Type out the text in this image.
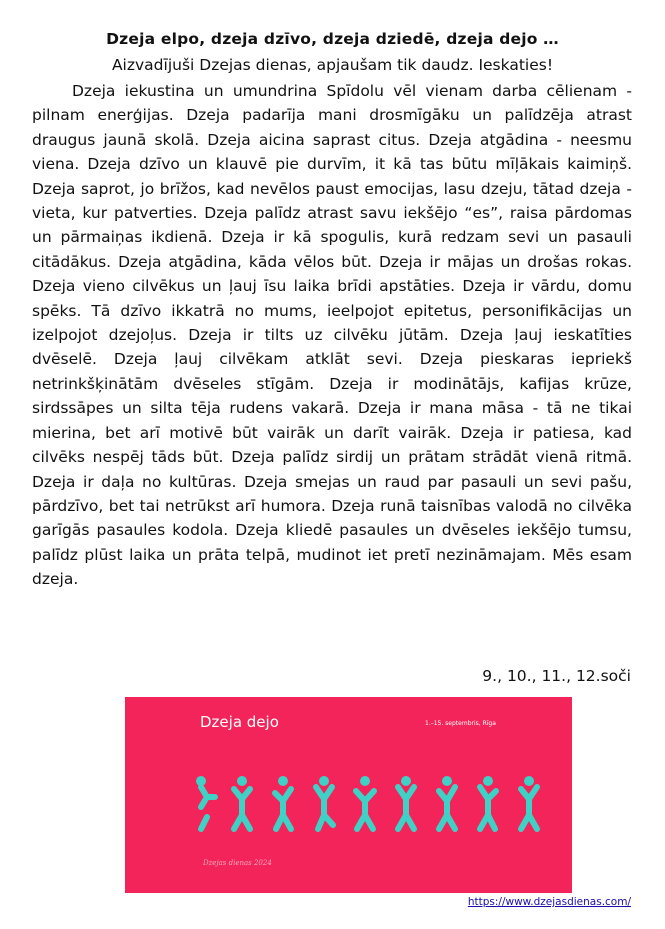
Dzeja elpo, dzeja dzīvo, dzeja dziedē, dzeja dejo …
Aizvadījuši Dzejas dienas, apjaušam tik daudz. Ieskaties!

Dzeja iekustina un umundrina Spīdolu vēl vienam darba cēlienam - pilnam enerģijas. Dzeja padarīja mani drosmīgāku un palīdzēja atrast draugus jaunā skolā. Dzeja aicina saprast citus. Dzeja atgādina - neesmu viena. Dzeja dzīvo un klauvē pie durvīm, it kā tas būtu mīļākais kaimiņš. Dzeja saprot, jo brīžos, kad nevēlos paust emocijas, lasu dzeju, tātad dzeja - vieta, kur patverties. Dzeja palīdz atrast savu iekšējo “es”, raisa pārdomas un pārmaiņas ikdienā. Dzeja ir kā spogulis, kurā redzam sevi un pasauli citādākus. Dzeja atgādina, kāda vēlos būt. Dzeja ir mājas un drošas rokas. Dzeja vieno cilvēkus un ļauj īsu laika brīdi apstāties. Dzeja ir vārdu, domu spēks. Tā dzīvo ikkatrā no mums, ieelpojot epitetus, personifikācijas un izelpojot dzejoļus. Dzeja ir tilts uz cilvēku jūtām. Dzeja ļauj ieskatīties dvēselē. Dzeja ļauj cilvēkam atklāt sevi. Dzeja pieskaras iepriekš netrinkšķinātām dvēseles stīgām. Dzeja ir modinātājs, kafijas krūze, sirdssāpes un silta tēja rudens vakarā. Dzeja ir mana māsa - tā ne tikai mierina, bet arī motivē būt vairāk un darīt vairāk. Dzeja ir patiesa, kad cilvēks nespēj tāds būt. Dzeja palīdz sirdij un prātam strādāt vienā ritmā. Dzeja ir daļa no kultūras. Dzeja smejas un raud par pasauli un sevi pašu, pārdzīvo, bet tai netrūkst arī humora. Dzeja runā taisnības valodā no cilvēka garīgās pasaules kodola. Dzeja kliedē pasaules un dvēseles iekšējo tumsu, palīdz plūst laika un prāta telpā, mudinot iet pretī nezināmajam. Mēs esam dzeja.

9., 10., 11., 12.soči
Dzeja dejo	1.–15. septembris, Rīga
Dzejas dienas 2024
https://www.dzejasdienas.com/
